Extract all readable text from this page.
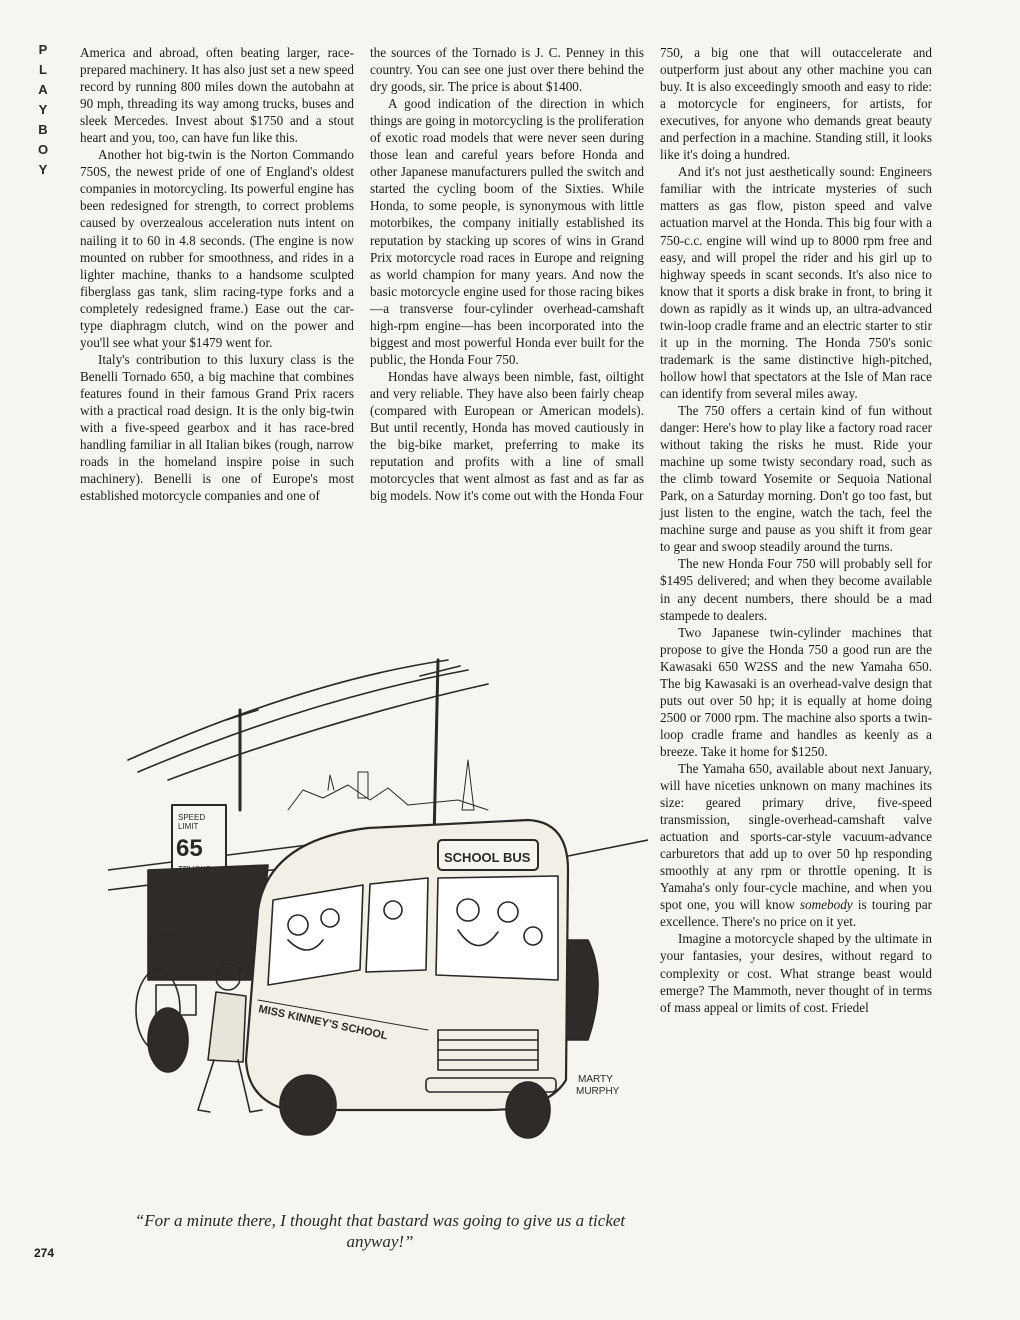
P
L
A
Y
B
O
Y

America and abroad, often beating larger, race-prepared machinery. It has also just set a new speed record by running 800 miles down the autobahn at 90 mph, threading its way among trucks, buses and sleek Mercedes. Invest about $1750 and a stout heart and you, too, can have fun like this.

Another hot big-twin is the Norton Commando 750S, the newest pride of one of England's oldest companies in motorcycling. Its powerful engine has been redesigned for strength, to correct problems caused by overzealous acceleration nuts intent on nailing it to 60 in 4.8 seconds. (The engine is now mounted on rubber for smoothness, and rides in a lighter machine, thanks to a handsome sculpted fiberglass gas tank, slim racing-type forks and a completely redesigned frame.) Ease out the car-type diaphragm clutch, wind on the power and you'll see what your $1479 went for.

Italy's contribution to this luxury class is the Benelli Tornado 650, a big machine that combines features found in their famous Grand Prix racers with a practical road design. It is the only big-twin with a five-speed gearbox and it has race-bred handling familiar in all Italian bikes (rough, narrow roads in the homeland inspire poise in such machinery). Benelli is one of Europe's most established motorcycle companies and one of

the sources of the Tornado is J. C. Penney in this country. You can see one just over there behind the dry goods, sir. The price is about $1400.

A good indication of the direction in which things are going in motorcycling is the proliferation of exotic road models that were never seen during those lean and careful years before Honda and other Japanese manufacturers pulled the switch and started the cycling boom of the Sixties. While Honda, to some people, is synonymous with little motorbikes, the company initially established its reputation by stacking up scores of wins in Grand Prix motorcycle road races in Europe and reigning as world champion for many years. And now the basic motorcycle engine used for those racing bikes —a transverse four-cylinder overhead-camshaft high-rpm engine—has been incorporated into the biggest and most powerful Honda ever built for the public, the Honda Four 750.

Hondas have always been nimble, fast, oiltight and very reliable. They have also been fairly cheap (compared with European or American models). But until recently, Honda has moved cautiously in the big-bike market, preferring to make its reputation and profits with a line of small motorcycles that went almost as fast and as far as big models. Now it's come out with the Honda Four

750, a big one that will outaccelerate and outperform just about any other machine you can buy. It is also exceedingly smooth and easy to ride: a motorcycle for engineers, for artists, for executives, for anyone who demands great beauty and perfection in a machine. Standing still, it looks like it's doing a hundred.

And it's not just aesthetically sound: Engineers familiar with the intricate mysteries of such matters as gas flow, piston speed and valve actuation marvel at the Honda. This big four with a 750-c.c. engine will wind up to 8000 rpm free and easy, and will propel the rider and his girl up to highway speeds in scant seconds. It's also nice to know that it sports a disk brake in front, to bring it down as rapidly as it winds up, an ultra-advanced twin-loop cradle frame and an electric starter to stir it up in the morning. The Honda 750's sonic trademark is the same distinctive high-pitched, hollow howl that spectators at the Isle of Man race can identify from several miles away.

The 750 offers a certain kind of fun without danger: Here's how to play like a factory road racer without taking the risks he must. Ride your machine up some twisty secondary road, such as the climb toward Yosemite or Sequoia National Park, on a Saturday morning. Don't go too fast, but just listen to the engine, watch the tach, feel the machine surge and pause as you shift it from gear to gear and swoop steadily around the turns.

The new Honda Four 750 will probably sell for $1495 delivered; and when they become available in any decent numbers, there should be a mad stampede to dealers.

Two Japanese twin-cylinder machines that propose to give the Honda 750 a good run are the Kawasaki 650 W2SS and the new Yamaha 650. The big Kawasaki is an overhead-valve design that puts out over 50 hp; it is equally at home doing 2500 or 7000 rpm. The machine also sports a twin-loop cradle frame and handles as keenly as a breeze. Take it home for $1250.

The Yamaha 650, available about next January, will have niceties unknown on many machines its size: geared primary drive, five-speed transmission, single-overhead-camshaft valve actuation and sports-car-style vacuum-advance carburetors that add up to over 50 hp responding smoothly at any rpm or throttle opening. It is Yamaha's only four-cycle machine, and when you spot one, you will know somebody is touring par excellence. There's no price on it yet.

Imagine a motorcycle shaped by the ultimate in your fantasies, your desires, without regard to complexity or cost. What strange beast would emerge? The Mammoth, never thought of in terms of mass appeal or limits of cost. Friedel

SPEED
LIMIT
65	SCHOOL BUS
MISS KINNEY'S SCHOOL
MARTY
MURPHY
“For a minute there, I thought that bastard was going to give us a ticket anyway!”
274
